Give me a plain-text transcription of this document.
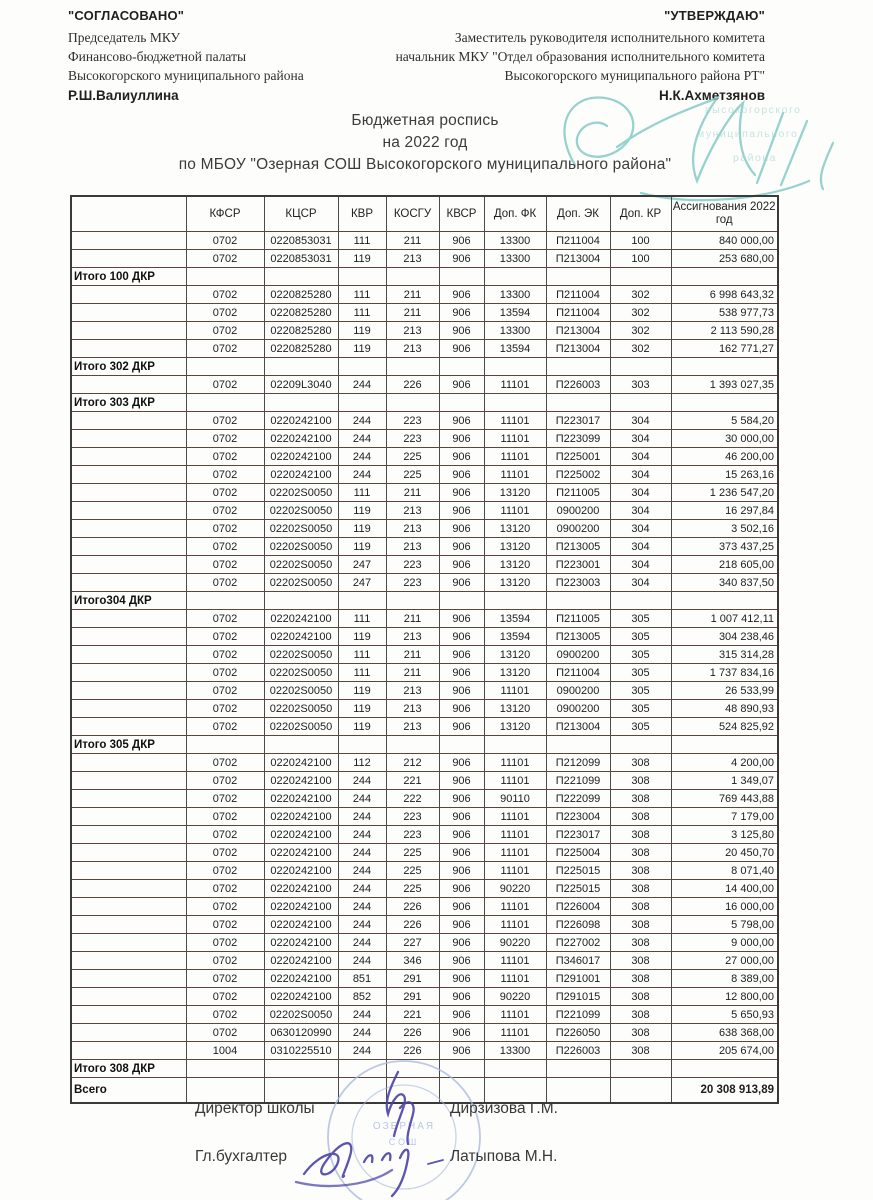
"СОГЛАСОВАНО"
Председатель МКУ
Финансово-бюджетной палаты
Высокогорского муниципального района
Р.Ш.Валиуллина
"УТВЕРЖДАЮ"
Заместитель руководителя исполнительного комитета
начальник МКУ "Отдел образования исполнительного комитета
Высокогорского муниципального района РТ"
Н.К.Ахметзянов
высокогорского
муниципального
района
Бюджетная роспись
на 2022 год
по МБОУ "Озерная СОШ Высокогорского муниципального района"
	КФСР	КЦСР	КВР	КОСГУ	КВСР	Доп. ФК	Доп. ЭК	Доп. КР	Ассигнования 2022 год
	0702	0220853031	111	211	906	13300	П211004	100	840 000,00
	0702	0220853031	119	213	906	13300	П213004	100	253 680,00
Итого 100 ДКР									
	0702	0220825280	111	211	906	13300	П211004	302	6 998 643,32
	0702	0220825280	111	211	906	13594	П211004	302	538 977,73
	0702	0220825280	119	213	906	13300	П213004	302	2 113 590,28
	0702	0220825280	119	213	906	13594	П213004	302	162 771,27
Итого 302 ДКР									
	0702	02209L3040	244	226	906	11101	П226003	303	1 393 027,35
Итого 303 ДКР									
	0702	0220242100	244	223	906	11101	П223017	304	5 584,20
	0702	0220242100	244	223	906	11101	П223099	304	30 000,00
	0702	0220242100	244	225	906	11101	П225001	304	46 200,00
	0702	0220242100	244	225	906	11101	П225002	304	15 263,16
	0702	02202S0050	111	211	906	13120	П211005	304	1 236 547,20
	0702	02202S0050	119	213	906	11101	0900200	304	16 297,84
	0702	02202S0050	119	213	906	13120	0900200	304	3 502,16
	0702	02202S0050	119	213	906	13120	П213005	304	373 437,25
	0702	02202S0050	247	223	906	13120	П223001	304	218 605,00
	0702	02202S0050	247	223	906	13120	П223003	304	340 837,50
Итого304 ДКР									
	0702	0220242100	111	211	906	13594	П211005	305	1 007 412,11
	0702	0220242100	119	213	906	13594	П213005	305	304 238,46
	0702	02202S0050	111	211	906	13120	0900200	305	315 314,28
	0702	02202S0050	111	211	906	13120	П211004	305	1 737 834,16
	0702	02202S0050	119	213	906	11101	0900200	305	26 533,99
	0702	02202S0050	119	213	906	13120	0900200	305	48 890,93
	0702	02202S0050	119	213	906	13120	П213004	305	524 825,92
Итого 305 ДКР									
	0702	0220242100	112	212	906	11101	П212099	308	4 200,00
	0702	0220242100	244	221	906	11101	П221099	308	1 349,07
	0702	0220242100	244	222	906	90110	П222099	308	769 443,88
	0702	0220242100	244	223	906	11101	П223004	308	7 179,00
	0702	0220242100	244	223	906	11101	П223017	308	3 125,80
	0702	0220242100	244	225	906	11101	П225004	308	20 450,70
	0702	0220242100	244	225	906	11101	П225015	308	8 071,40
	0702	0220242100	244	225	906	90220	П225015	308	14 400,00
	0702	0220242100	244	226	906	11101	П226004	308	16 000,00
	0702	0220242100	244	226	906	11101	П226098	308	5 798,00
	0702	0220242100	244	227	906	90220	П227002	308	9 000,00
	0702	0220242100	244	346	906	11101	П346017	308	27 000,00
	0702	0220242100	851	291	906	11101	П291001	308	8 389,00
	0702	0220242100	852	291	906	90220	П291015	308	12 800,00
	0702	02202S0050	244	221	906	11101	П221099	308	5 650,93
	0702	0630120990	244	226	906	11101	П226050	308	638 368,00
	1004	0310225510	244	226	906	13300	П226003	308	205 674,00
Итого 308 ДКР									
Всего									20 308 913,89
ОЗЕРНАЯ
СОШ
Директор школы	Дирзизова Г.М.
Гл.бухгалтер	Латыпова М.Н.
